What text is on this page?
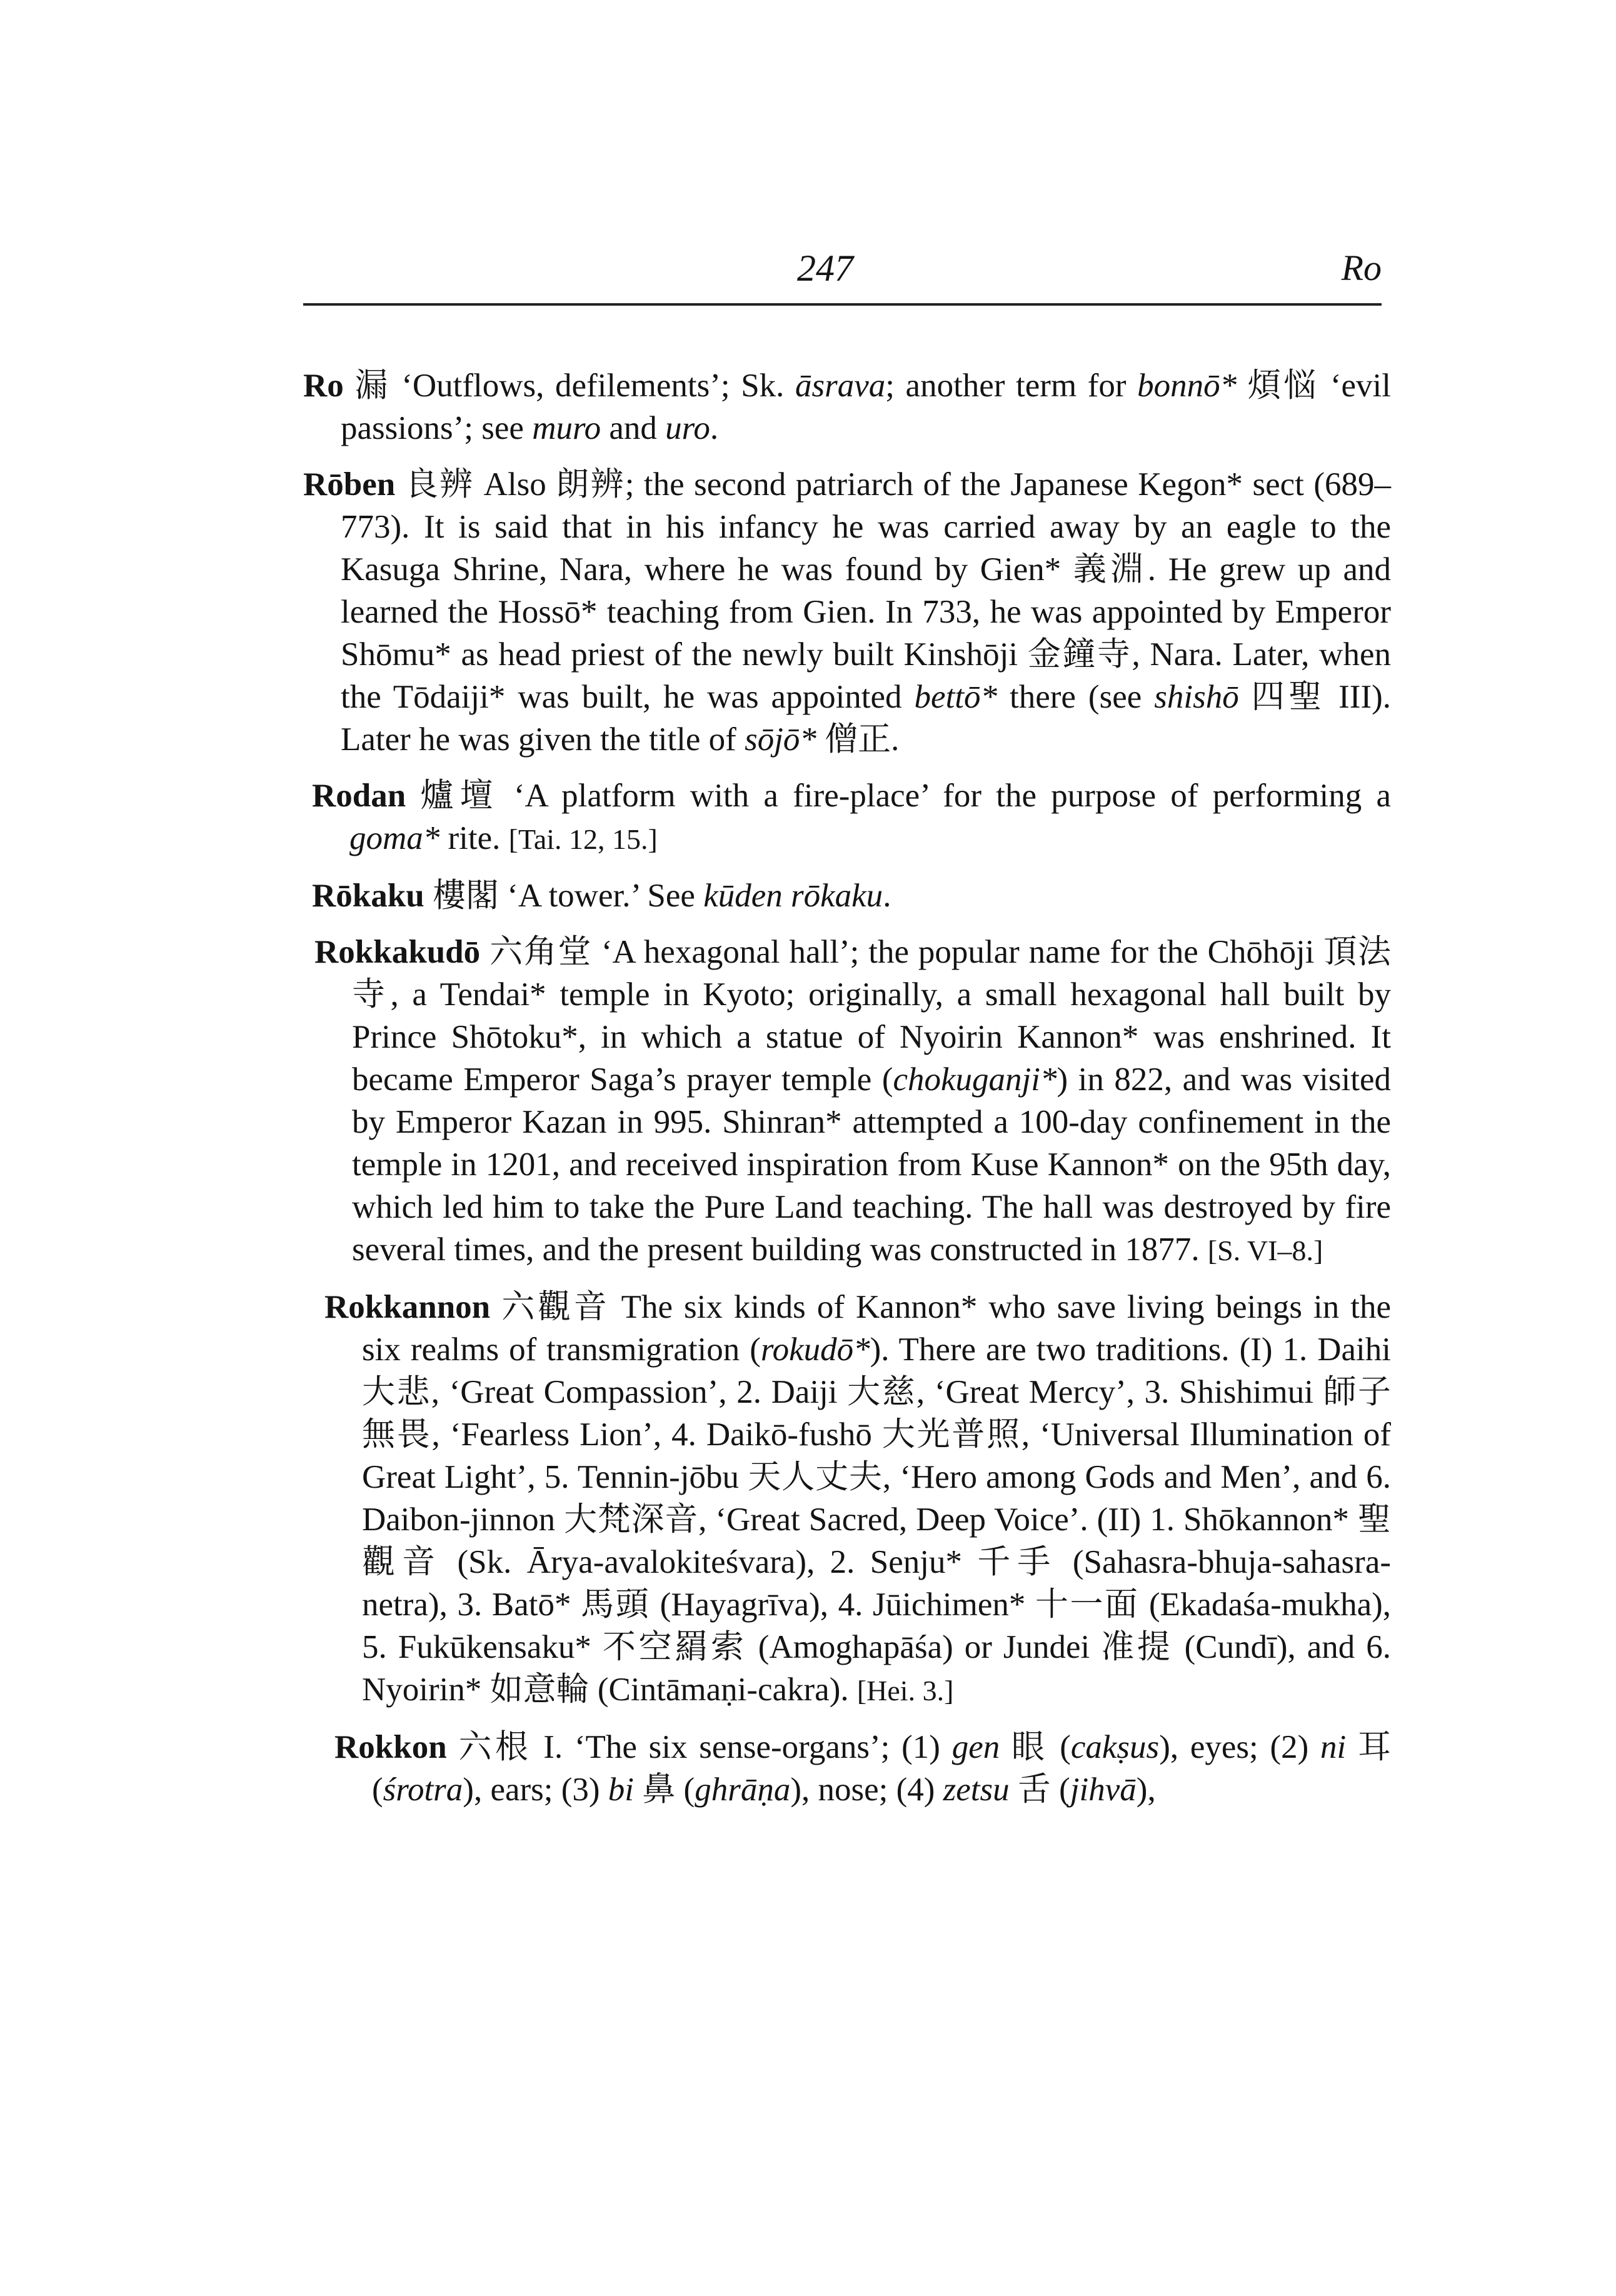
247	Ro

Ro 漏 ‘Outflows, defilements’; Sk. āsrava; another term for bonnō* 煩悩 ‘evil passions’; see muro and uro.

Rōben 良辨 Also 朗辨; the second patriarch of the Japanese Kegon* sect (689–773). It is said that in his infancy he was carried away by an eagle to the Kasuga Shrine, Nara, where he was found by Gien* 義淵. He grew up and learned the Hossō* teaching from Gien. In 733, he was appointed by Emperor Shōmu* as head priest of the newly built Kinshōji 金鐘寺, Nara. Later, when the Tōdaiji* was built, he was appointed bettō* there (see shishō 四聖 III). Later he was given the title of sōjō* 僧正.

Rodan 爐壇 ‘A platform with a fire-place’ for the purpose of performing a goma* rite. [Tai. 12, 15.]

Rōkaku 樓閣 ‘A tower.’ See kūden rōkaku.

Rokkakudō 六角堂 ‘A hexagonal hall’; the popular name for the Chōhōji 頂法寺, a Tendai* temple in Kyoto; originally, a small hexagonal hall built by Prince Shōtoku*, in which a statue of Nyoirin Kannon* was enshrined. It became Emperor Saga’s prayer temple (chokuganji*) in 822, and was visited by Emperor Kazan in 995. Shinran* attempted a 100-day confinement in the temple in 1201, and received inspiration from Kuse Kannon* on the 95th day, which led him to take the Pure Land teaching. The hall was destroyed by fire several times, and the present building was constructed in 1877. [S. VI–8.]

Rokkannon 六觀音 The six kinds of Kannon* who save living beings in the six realms of transmigration (rokudō*). There are two traditions. (I) 1. Daihi 大悲, ‘Great Compassion’, 2. Daiji 大慈, ‘Great Mercy’, 3. Shishimui 師子無畏, ‘Fearless Lion’, 4. Daikō-fushō 大光普照, ‘Universal Illumination of Great Light’, 5. Tennin-jōbu 天人丈夫, ‘Hero among Gods and Men’, and 6. Daibon-jinnon 大梵深音, ‘Great Sacred, Deep Voice’. (II) 1. Shōkannon* 聖觀音 (Sk. Ārya-avalokiteśvara), 2. Senju* 千手 (Sahasra-bhuja-sahasra-netra), 3. Batō* 馬頭 (Hayagrīva), 4. Jūichimen* 十一面 (Ekadaśa-mukha), 5. Fukūkensaku* 不空羂索 (Amoghapāśa) or Jundei 准提 (Cundī), and 6. Nyoirin* 如意輪 (Cintāmaṇi-cakra). [Hei. 3.]

Rokkon 六根 I. ‘The six sense-organs’; (1) gen 眼 (cakṣus), eyes; (2) ni 耳 (śrotra), ears; (3) bi 鼻 (ghrāṇa), nose; (4) zetsu 舌 (jihvā),
